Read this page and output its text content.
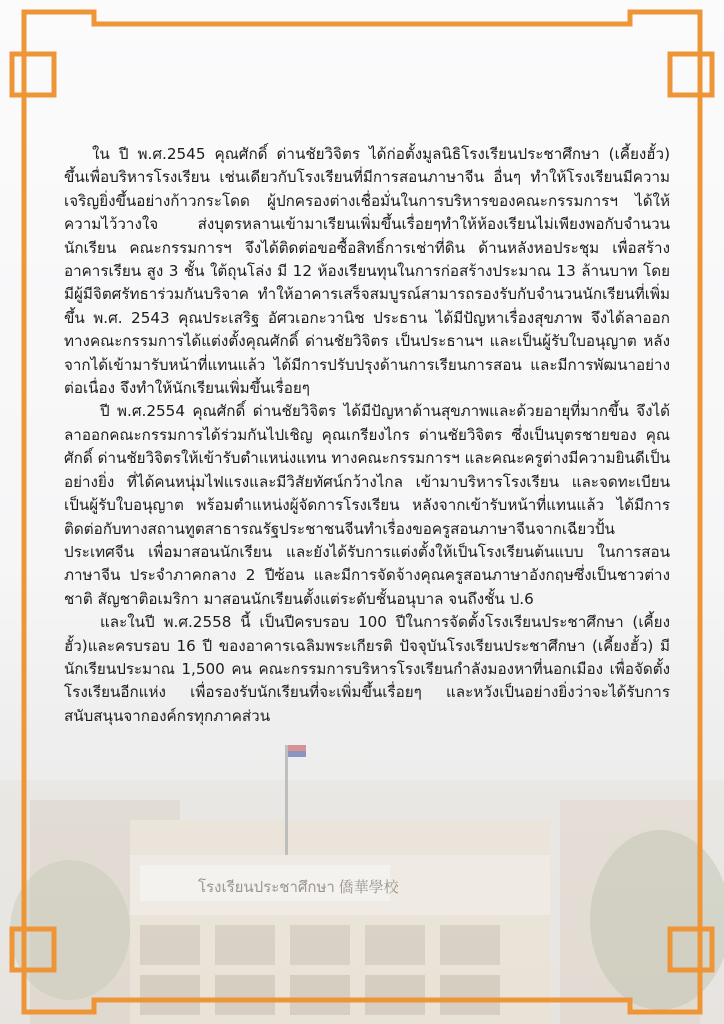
โรงเรียนประชาศึกษา 僑華學校

ใน ปี พ.ศ.2545 คุณศักดิ์ ด่านชัยวิจิตร ได้ก่อตั้งมูลนิธิโรงเรียนประชาศึกษา (เคี้ยงฮั้ว) ขึ้นเพื่อบริหารโรงเรียน เช่นเดียวกับโรงเรียนที่มีการสอนภาษาจีน อื่นๆ ทำให้โรงเรียนมีความเจริญยิ่งขึ้นอย่างก้าวกระโดด ผู้ปกครองต่างเชื่อมั่นในการบริหารของคณะกรรมการฯ ได้ให้ความไว้วางใจ ส่งบุตรหลานเข้ามาเรียนเพิ่มขึ้นเรื่อยๆทำให้ห้องเรียนไม่เพียงพอกับจำนวนนักเรียน คณะกรรมการฯ จึงได้ติดต่อขอซื้อสิทธิ์การเช่าที่ดิน ด้านหลังหอประชุม เพื่อสร้างอาคารเรียน สูง 3 ชั้น ใต้ถุนโล่ง มี 12 ห้องเรียนทุนในการก่อสร้างประมาณ 13 ล้านบาท โดยมีผู้มีจิตศรัทธาร่วมกันบริจาค ทำให้อาคารเสร็จสมบูรณ์สามารถรองรับกับจำนวนนักเรียนที่เพิ่มขึ้น พ.ศ. 2543 คุณประเสริฐ อัศวเอกะวานิช ประธาน ได้มีปัญหาเรื่องสุขภาพ จึงได้ลาออกทางคณะกรรมการได้แต่งตั้งคุณศักดิ์ ด่านชัยวิจิตร เป็นประธานฯ และเป็นผู้รับใบอนุญาต หลังจากได้เข้ามารับหน้าที่แทนแล้ว ได้มีการปรับปรุงด้านการเรียนการสอน และมีการพัฒนาอย่างต่อเนื่อง จึงทำให้นักเรียนเพิ่มขึ้นเรื่อยๆ

ปี พ.ศ.2554 คุณศักดิ์ ด่านชัยวิจิตร ได้มีปัญหาด้านสุขภาพและด้วยอายุที่มากขึ้น จึงได้ลาออกคณะกรรมการได้ร่วมกันไปเชิญ คุณเกรียงไกร ด่านชัยวิจิตร ซึ่งเป็นบุตรชายของ คุณศักดิ์ ด่านชัยวิจิตรให้เข้ารับตำแหน่งแทน ทางคณะกรรมการฯ และคณะครูต่างมีความยินดีเป็นอย่างยิ่ง ที่ได้คนหนุ่มไฟแรงและมีวิสัยทัศน์กว้างไกล เข้ามาบริหารโรงเรียน และจดทะเบียนเป็นผู้รับใบอนุญาต พร้อมตำแหน่งผู้จัดการโรงเรียน หลังจากเข้ารับหน้าที่แทนแล้ว ได้มีการติดต่อกับทางสถานทูตสาธารณรัฐประชาชนจีนทำเรื่องขอครูสอนภาษาจีนจากเฉียวปั้น ประเทศจีน เพื่อมาสอนนักเรียน และยังได้รับการแต่งตั้งให้เป็นโรงเรียนต้นแบบ ในการสอนภาษาจีน ประจำภาคกลาง 2 ปีซ้อน และมีการจัดจ้างคุณครูสอนภาษาอังกฤษซึ่งเป็นชาวต่างชาติ สัญชาติอเมริกา มาสอนนักเรียนตั้งแต่ระดับชั้นอนุบาล จนถึงชั้น ป.6

และในปี พ.ศ.2558 นี้ เป็นปีครบรอบ 100 ปีในการจัดตั้งโรงเรียนประชาศึกษา (เคี้ยงฮั้ว)และครบรอบ 16 ปี ของอาคารเฉลิมพระเกียรติ ปัจจุบันโรงเรียนประชาศึกษา (เคี้ยงฮั้ว) มีนักเรียนประมาณ 1,500 คน คณะกรรมการบริหารโรงเรียนกำลังมองหาที่นอกเมือง เพื่อจัดตั้งโรงเรียนอีกแห่ง เพื่อรองรับนักเรียนที่จะเพิ่มขึ้นเรื่อยๆ และหวังเป็นอย่างยิ่งว่าจะได้รับการสนับสนุนจากองค์กรทุกภาคส่วน
